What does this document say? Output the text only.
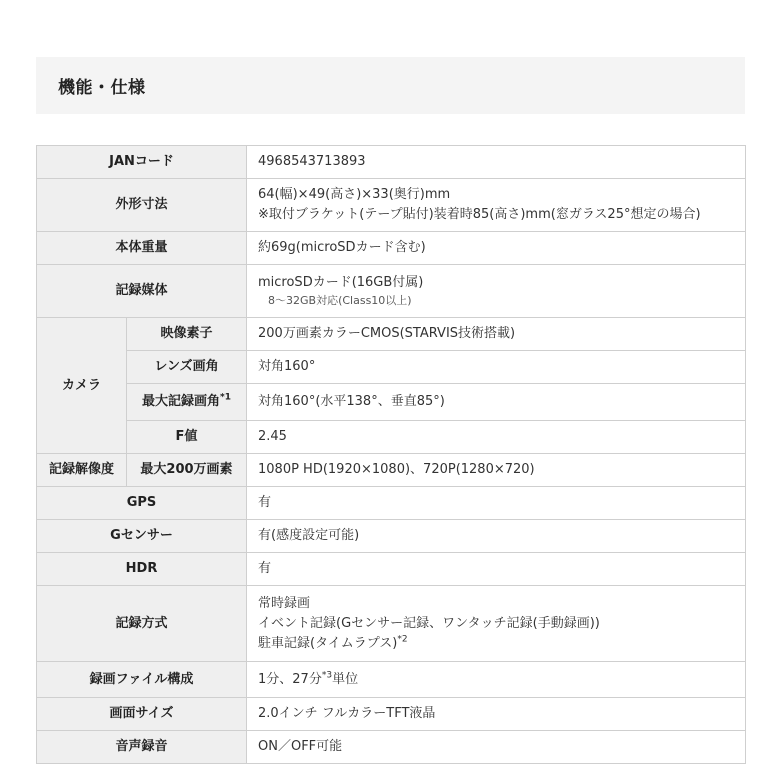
機能・仕様
JANコード		4968543713893
外形寸法		64(幅)×49(高さ)×33(奥行)mm
※取付ブラケット(テープ貼付)装着時85(高さ)mm(窓ガラス25°想定の場合)

本体重量		約69g(microSDカード含む)
記録媒体		microSDカード(16GB付属)
8～32GB対応(Class10以上)

カメラ	映像素子	200万画素カラーCMOS(STARVIS技術搭載)
	レンズ画角	対角160°
	最大記録画角$^{*1}$	対角160°(水平138°、垂直85°)
	F値	2.45
記録解像度	最大200万画素	1080P HD(1920×1080)、720P(1280×720)
GPS		有
Gセンサー		有(感度設定可能)
HDR		有
記録方式		常時録画
イベント記録(Gセンサー記録、ワンタッチ記録(手動録画))
駐車記録(タイムラプス)$^{*2}$

録画ファイル構成		1分、27分$^{*3}$単位
画面サイズ		2.0インチ フルカラーTFT液晶
音声録音		ON／OFF可能
